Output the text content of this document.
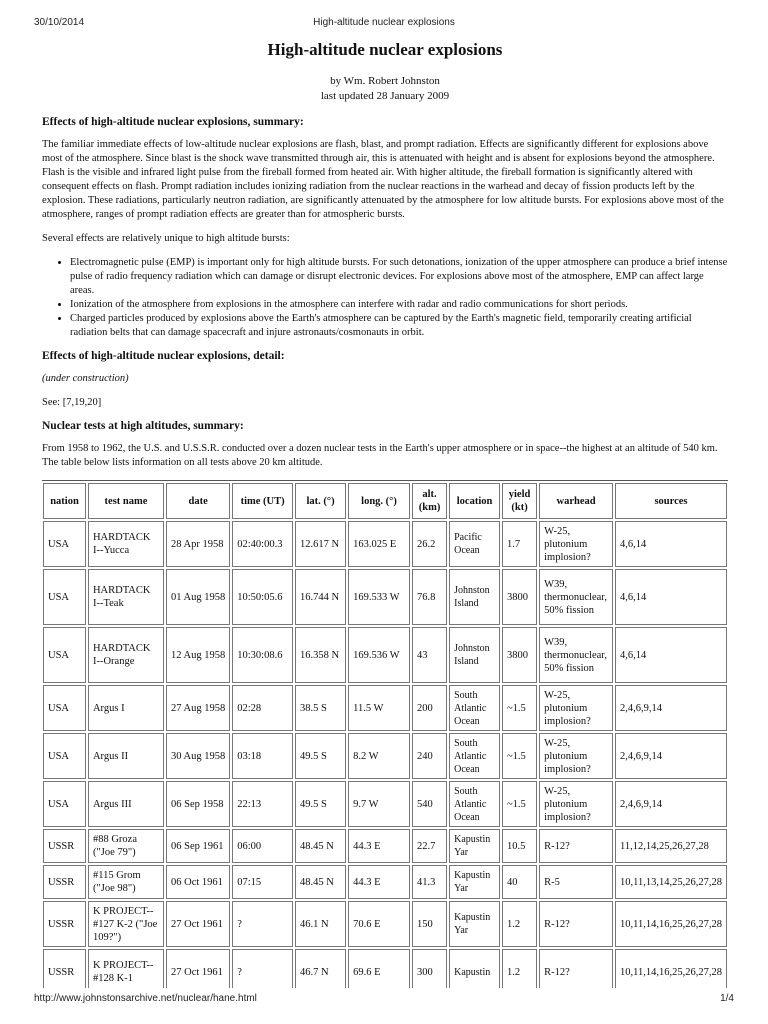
30/10/2014	High-altitude nuclear explosions
High-altitude nuclear explosions
by Wm. Robert Johnston
last updated 28 January 2009
Effects of high-altitude nuclear explosions, summary:

The familiar immediate effects of low-altitude nuclear explosions are flash, blast, and prompt radiation. Effects are significantly different for explosions above most of the atmosphere. Since blast is the shock wave transmitted through air, this is attenuated with height and is absent for explosions beyond the atmosphere. Flash is the visible and infrared light pulse from the fireball formed from heated air. With higher altitude, the fireball formation is significantly altered with consequent effects on flash. Prompt radiation includes ionizing radiation from the nuclear reactions in the warhead and decay of fission products left by the explosion. These radiations, particularly neutron radiation, are significantly attenuated by the atmosphere for low altitude bursts. For explosions above most of the atmosphere, ranges of prompt radiation effects are greater than for atmospheric bursts.

Several effects are relatively unique to high altitude bursts:

• Electromagnetic pulse (EMP) is important only for high altitude bursts. For such detonations, ionization of the upper atmosphere can produce a brief intense pulse of radio frequency radiation which can damage or disrupt electronic devices. For explosions above most of the atmosphere, EMP can affect large areas.
• Ionization of the atmosphere from explosions in the atmosphere can interfere with radar and radio communications for short periods.
• Charged particles produced by explosions above the Earth's atmosphere can be captured by the Earth's magnetic field, temporarily creating artificial radiation belts that can damage spacecraft and injure astronauts/cosmonauts in orbit.
Effects of high-altitude nuclear explosions, detail:

(under construction)

See: [7,19,20]

Nuclear tests at high altitudes, summary:

From 1958 to 1962, the U.S. and U.S.S.R. conducted over a dozen nuclear tests in the Earth's upper atmosphere or in space--the highest at an altitude of 540 km. The table below lists information on all tests above 20 km altitude.

nation	test name	date	time (UT)	lat. (°)	long. (°)	alt. (km)	location	yield (kt)	warhead	sources
USA	HARDTACK I--Yucca	28 Apr 1958	02:40:00.3	12.617 N	163.025 E	26.2	Pacific Ocean	1.7	W-25, plutonium implosion?	4,6,14
USA	HARDTACK I--Teak	01 Aug 1958	10:50:05.6	16.744 N	169.533 W	76.8	Johnston Island	3800	W39, thermonuclear, 50% fission	4,6,14
USA	HARDTACK I--Orange	12 Aug 1958	10:30:08.6	16.358 N	169.536 W	43	Johnston Island	3800	W39, thermonuclear, 50% fission	4,6,14
USA	Argus I	27 Aug 1958	02:28	38.5 S	11.5 W	200	South Atlantic Ocean	~1.5	W-25, plutonium implosion?	2,4,6,9,14
USA	Argus II	30 Aug 1958	03:18	49.5 S	8.2 W	240	South Atlantic Ocean	~1.5	W-25, plutonium implosion?	2,4,6,9,14
USA	Argus III	06 Sep 1958	22:13	49.5 S	9.7 W	540	South Atlantic Ocean	~1.5	W-25, plutonium implosion?	2,4,6,9,14
USSR	#88 Groza ("Joe 79")	06 Sep 1961	06:00	48.45 N	44.3 E	22.7	Kapustin Yar	10.5	R-12?	11,12,14,25,26,27,28
USSR	#115 Grom ("Joe 98")	06 Oct 1961	07:15	48.45 N	44.3 E	41.3	Kapustin Yar	40	R-5	10,11,13,14,25,26,27,28
USSR	K PROJECT--#127 K-2 ("Joe 109?")	27 Oct 1961	?	46.1 N	70.6 E	150	Kapustin Yar	1.2	R-12?	10,11,14,16,25,26,27,28
USSR	K PROJECT--#128 K-1	27 Oct 1961	?	46.7 N	69.6 E	300	Kapustin	1.2	R-12?	10,11,14,16,25,26,27,28
http://www.johnstonsarchive.net/nuclear/hane.html	1/4
